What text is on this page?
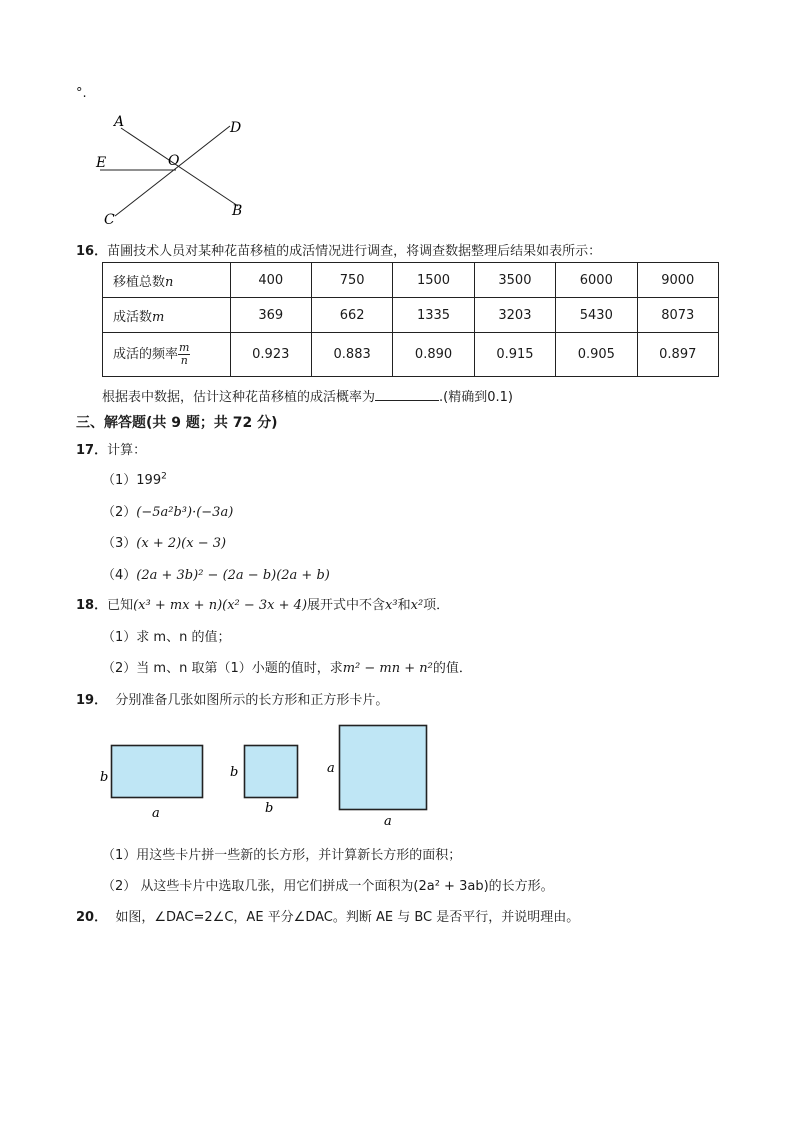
°.
A	D
E	O
C
B
16．苗圃技术人员对某种花苗移植的成活情况进行调查，将调查数据整理后结果如表所示：
移植总数n	400	750	1500	3500	6000	9000
成活数m	369	662	1335	3203	5430	8073
成活的频率 $\frac{m}{n}$	0.923	0.883	0.890	0.915	0.905	0.897
根据表中数据，估计这种花苗移植的成活概率为	.(精确到0.1)
三、解答题(共 9 题；共 72 分)
17．计算：
$(1)199^2$
（2）(−5a²b³)·(−3a)
（3）(x + 2)(x − 3)
（4）(2a + 3b)² − (2a − b)(2a + b)
18．已知(x³ + mx + n)(x² − 3x + 4)展开式中不含x³和x²项．
（1）求 m、n 的值；
（2）当 m、n 取第（1）小题的值时，求m² − mn + n²的值．
19． 分别准备几张如图所示的长方形和正方形卡片。
b
a
b
b
a
a
（1）用这些卡片拼一些新的长方形，并计算新长方形的面积；
（2） 从这些卡片中选取几张，用它们拼成一个面积为(2a² + 3ab)的长方形。
20． 如图，∠DAC=2∠C，AE 平分∠DAC。判断 AE 与 BC 是否平行，并说明理由。
